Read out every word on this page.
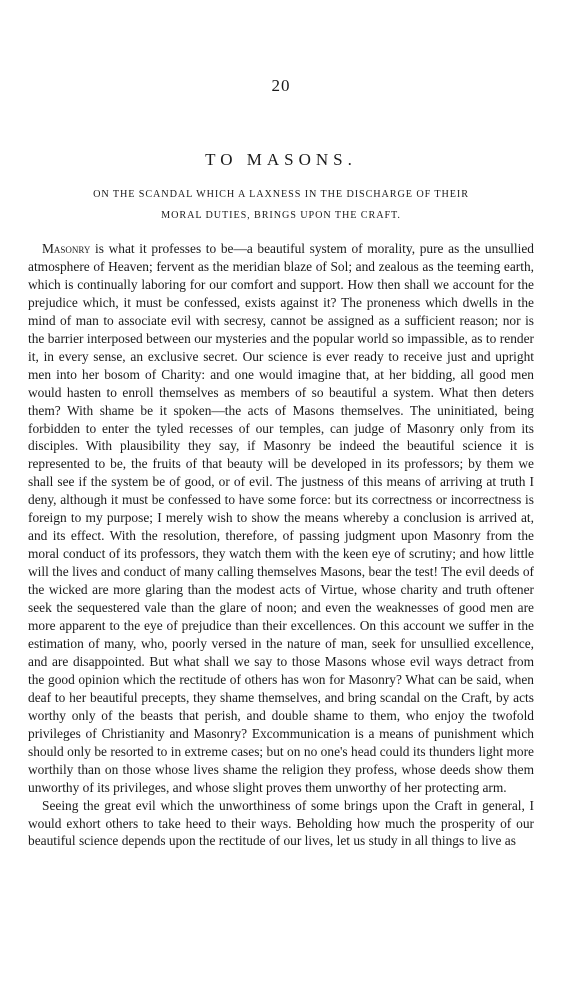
20

TO MASONS.
ON THE SCANDAL WHICH A LAXNESS IN THE DISCHARGE OF THEIR
MORAL DUTIES, BRINGS UPON THE CRAFT.

Masonry is what it professes to be—a beautiful system of morality, pure as the unsullied atmosphere of Heaven; fervent as the meridian blaze of Sol; and zealous as the teeming earth, which is continually laboring for our comfort and support. How then shall we account for the prejudice which, it must be confessed, exists against it? The proneness which dwells in the mind of man to associate evil with secresy, cannot be assigned as a sufficient reason; nor is the barrier interposed between our mysteries and the popular world so impassible, as to render it, in every sense, an exclusive secret. Our science is ever ready to receive just and upright men into her bosom of Charity: and one would imagine that, at her bidding, all good men would hasten to enroll themselves as members of so beautiful a system. What then deters them? With shame be it spoken—the acts of Masons themselves. The uninitiated, being forbidden to enter the tyled recesses of our temples, can judge of Masonry only from its disciples. With plausibility they say, if Masonry be indeed the beautiful science it is represented to be, the fruits of that beauty will be developed in its professors; by them we shall see if the system be of good, or of evil. The justness of this means of arriving at truth I deny, although it must be confessed to have some force: but its correctness or incorrectness is foreign to my purpose; I merely wish to show the means whereby a conclusion is arrived at, and its effect. With the resolution, therefore, of passing judgment upon Masonry from the moral conduct of its professors, they watch them with the keen eye of scrutiny; and how little will the lives and conduct of many calling themselves Masons, bear the test! The evil deeds of the wicked are more glaring than the modest acts of Virtue, whose charity and truth oftener seek the sequestered vale than the glare of noon; and even the weaknesses of good men are more apparent to the eye of prejudice than their excellences. On this account we suffer in the estimation of many, who, poorly versed in the nature of man, seek for unsullied excellence, and are disappointed. But what shall we say to those Masons whose evil ways detract from the good opinion which the rectitude of others has won for Masonry? What can be said, when deaf to her beautiful precepts, they shame themselves, and bring scandal on the Craft, by acts worthy only of the beasts that perish, and double shame to them, who enjoy the twofold privileges of Christianity and Masonry? Excommunication is a means of punishment which should only be resorted to in extreme cases; but on no one's head could its thunders light more worthily than on those whose lives shame the religion they profess, whose deeds show them unworthy of its privileges, and whose slight proves them unworthy of her protecting arm.

Seeing the great evil which the unworthiness of some brings upon the Craft in general, I would exhort others to take heed to their ways. Beholding how much the prosperity of our beautiful science depends upon the rectitude of our lives, let us study in all things to live as
